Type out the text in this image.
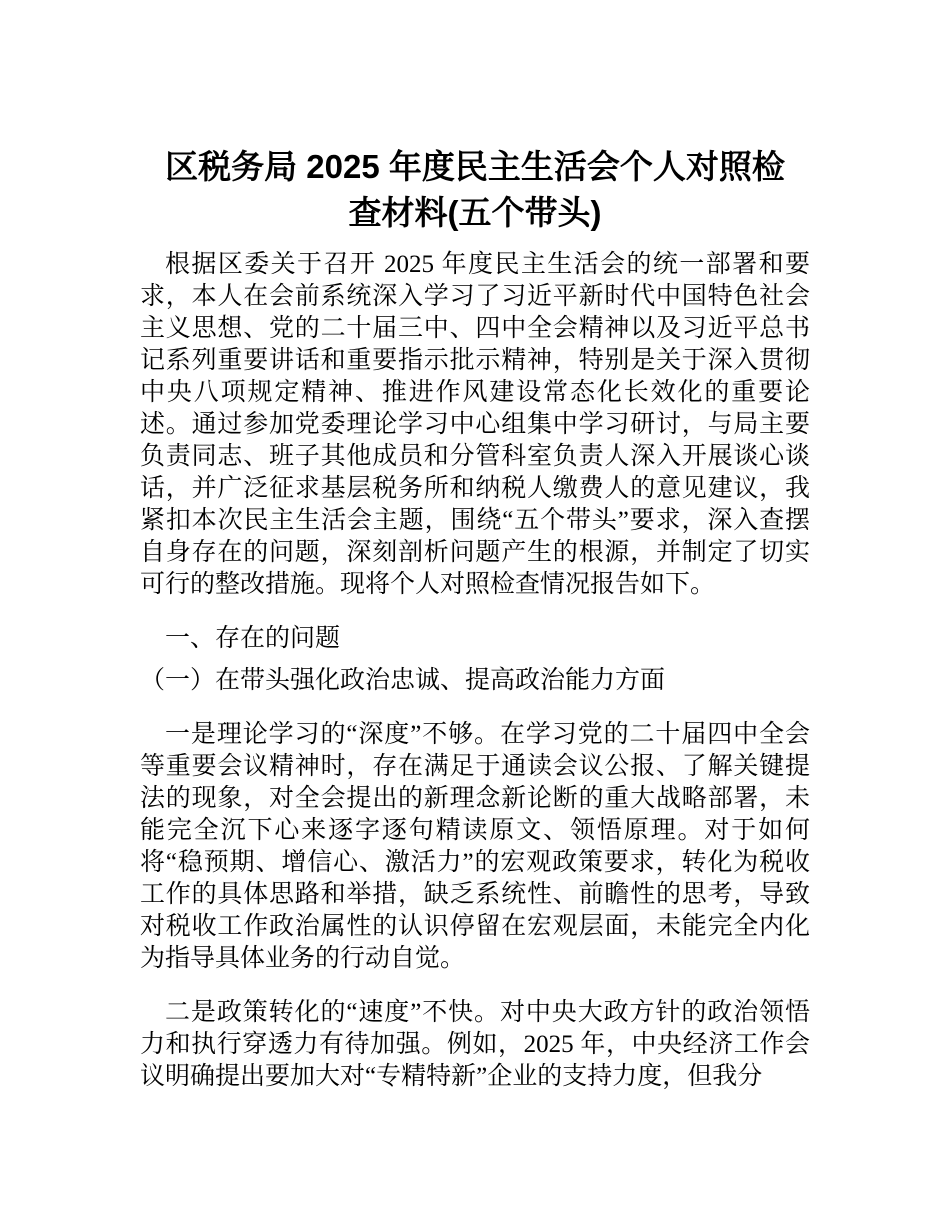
区税务局 2025 年度民主生活会个人对照检查材料(五个带头)

根据区委关于召开 2025 年度民主生活会的统一部署和要求，本人在会前系统深入学习了习近平新时代中国特色社会主义思想、党的二十届三中、四中全会精神以及习近平总书记系列重要讲话和重要指示批示精神，特别是关于深入贯彻中央八项规定精神、推进作风建设常态化长效化的重要论述。通过参加党委理论学习中心组集中学习研讨，与局主要负责同志、班子其他成员和分管科室负责人深入开展谈心谈话，并广泛征求基层税务所和纳税人缴费人的意见建议，我紧扣本次民主生活会主题，围绕“五个带头”要求，深入查摆自身存在的问题，深刻剖析问题产生的根源，并制定了切实可行的整改措施。现将个人对照检查情况报告如下。

一、存在的问题
（一）在带头强化政治忠诚、提高政治能力方面

一是理论学习的“深度”不够。在学习党的二十届四中全会等重要会议精神时，存在满足于通读会议公报、了解关键提法的现象，对全会提出的新理念新论断的重大战略部署，未能完全沉下心来逐字逐句精读原文、领悟原理。对于如何将“稳预期、增信心、激活力”的宏观政策要求，转化为税收工作的具体思路和举措，缺乏系统性、前瞻性的思考，导致对税收工作政治属性的认识停留在宏观层面，未能完全内化为指导具体业务的行动自觉。

二是政策转化的“速度”不快。对中央大政方针的政治领悟力和执行穿透力有待加强。例如，2025 年，中央经济工作会议明确提出要加大对“专精特新”企业的支持力度，但我分
